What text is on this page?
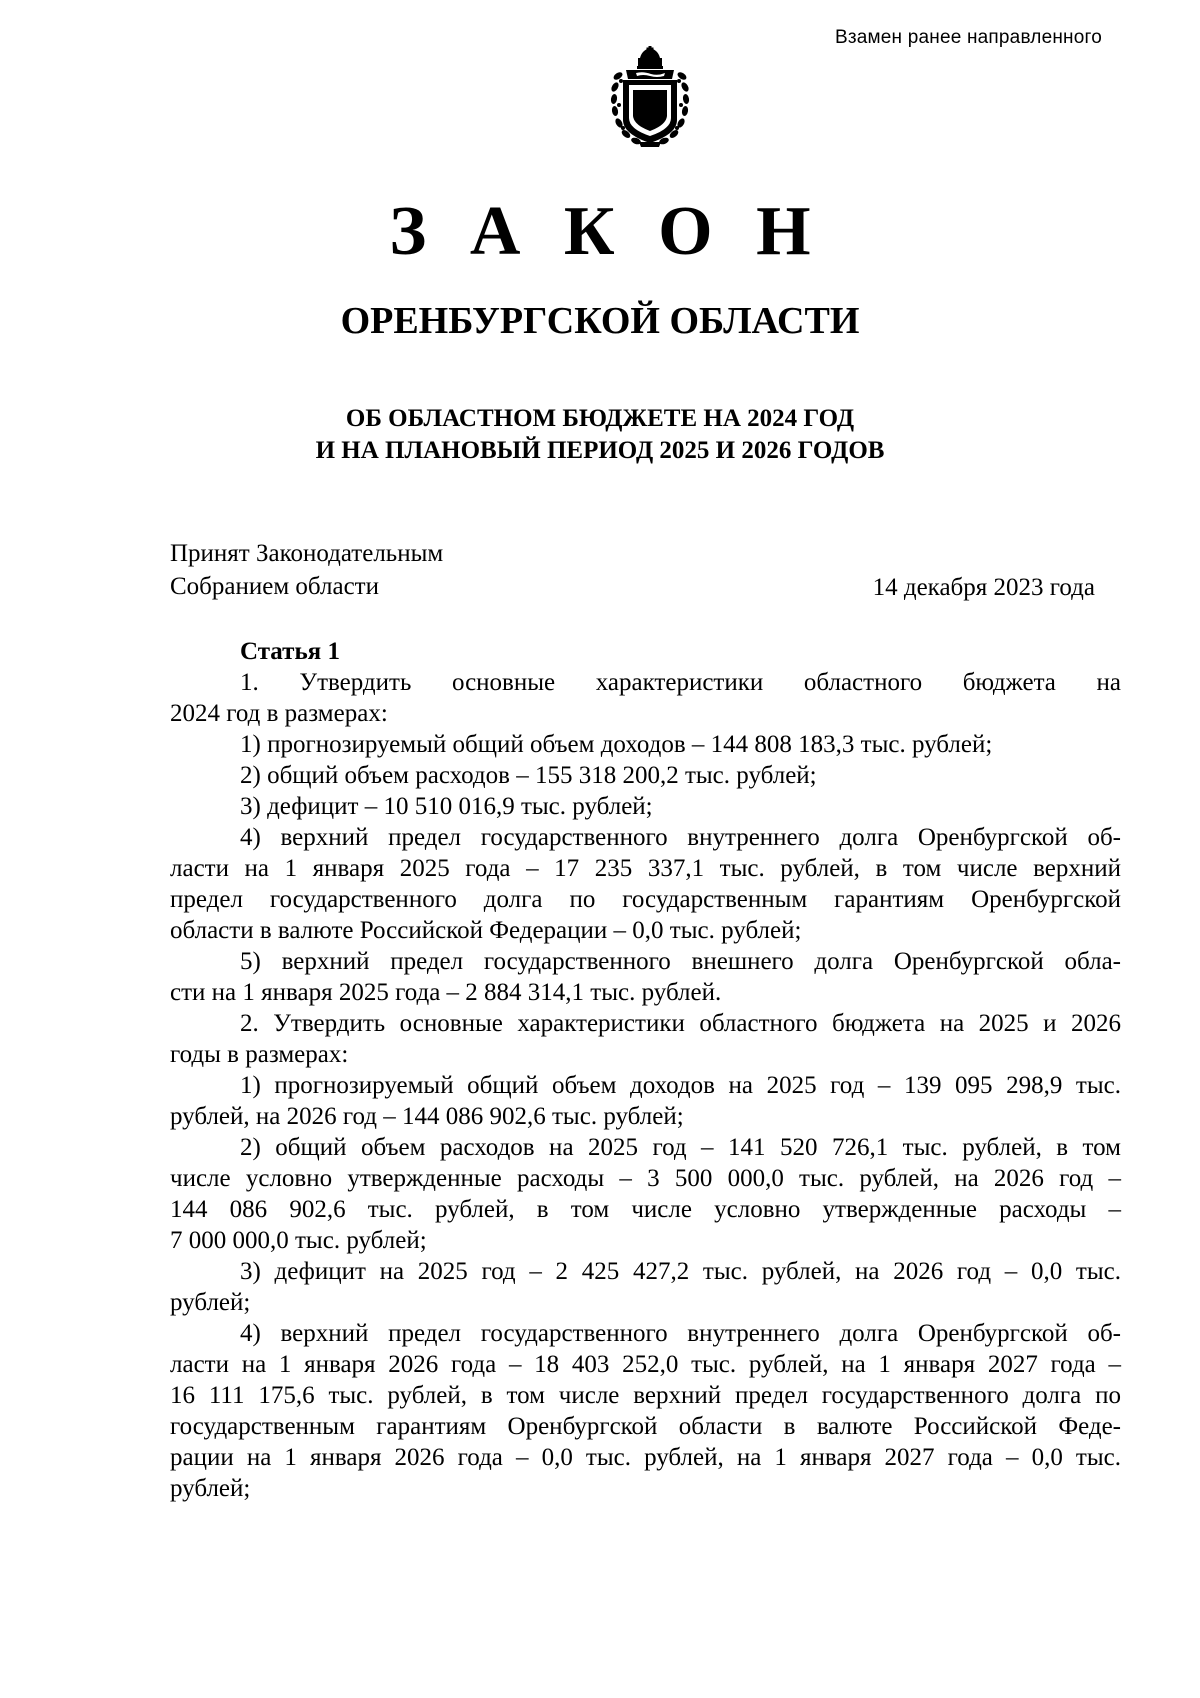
Взамен ранее направленного
З А К О Н
ОРЕНБУРГСКОЙ ОБЛАСТИ
ОБ ОБЛАСТНОМ БЮДЖЕТЕ НА 2024 ГОД
И НА ПЛАНОВЫЙ ПЕРИОД 2025 И 2026 ГОДОВ
Принят Законодательным
Собранием области	14 декабря 2023 года
Статья 1
1. Утвердить основные характеристики областного бюджета на
2024 год в размерах:
1) прогнозируемый общий объем доходов – 144 808 183,3 тыс. рублей;
2) общий объем расходов – 155 318 200,2 тыс. рублей;
3) дефицит – 10 510 016,9 тыс. рублей;
4) верхний предел государственного внутреннего долга Оренбургской об-
ласти на 1 января 2025 года – 17 235 337,1 тыс. рублей, в том числе верхний
предел государственного долга по государственным гарантиям Оренбургской
области в валюте Российской Федерации – 0,0 тыс. рублей;
5) верхний предел государственного внешнего долга Оренбургской обла-
сти на 1 января 2025 года – 2 884 314,1 тыс. рублей.
2. Утвердить основные характеристики областного бюджета на 2025 и 2026
годы в размерах:
1) прогнозируемый общий объем доходов на 2025 год – 139 095 298,9 тыс.
рублей, на 2026 год – 144 086 902,6 тыс. рублей;
2) общий объем расходов на 2025 год – 141 520 726,1 тыс. рублей, в том
числе условно утвержденные расходы – 3 500 000,0 тыс. рублей, на 2026 год –
144 086 902,6 тыс. рублей, в том числе условно утвержденные расходы –
7 000 000,0 тыс. рублей;
3) дефицит на 2025 год – 2 425 427,2 тыс. рублей, на 2026 год – 0,0 тыс.
рублей;
4) верхний предел государственного внутреннего долга Оренбургской об-
ласти на 1 января 2026 года – 18 403 252,0 тыс. рублей, на 1 января 2027 года –
16 111 175,6 тыс. рублей, в том числе верхний предел государственного долга по
государственным гарантиям Оренбургской области в валюте Российской Феде-
рации на 1 января 2026 года – 0,0 тыс. рублей, на 1 января 2027 года – 0,0 тыс.
рублей;
